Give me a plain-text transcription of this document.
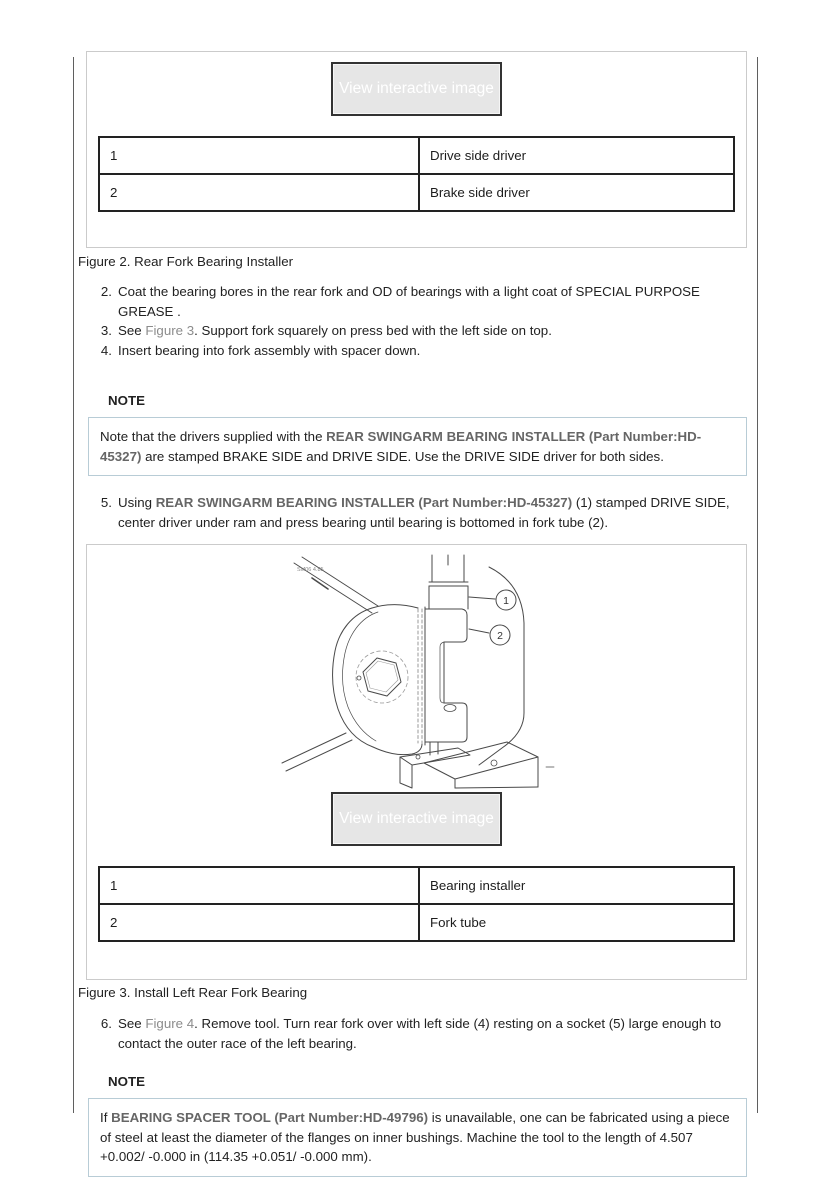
View interactive image
1	Drive side driver
2	Brake side driver
Figure 2. Rear Fork Bearing Installer
2. Coat the bearing bores in the rear fork and OD of bearings with a light coat of SPECIAL PURPOSE GREASE .
3. See Figure 3. Support fork squarely on press bed with the left side on top.
4. Insert bearing into fork assembly with spacer down.
NOTE
Note that the drivers supplied with the REAR SWINGARM BEARING INSTALLER (Part Number:HD-45327) are stamped BRAKE SIDE and DRIVE SIDE. Use the DRIVE SIDE driver for both sides.
5. Using REAR SWINGARM BEARING INSTALLER (Part Number:HD-45327) (1) stamped DRIVE SIDE, center driver under ram and press bearing until bearing is bottomed in fork tube (2).
SM06 4.85
1
2
View interactive image
1	Bearing installer
2	Fork tube
Figure 3. Install Left Rear Fork Bearing
6. See Figure 4. Remove tool. Turn rear fork over with left side (4) resting on a socket (5) large enough to contact the outer race of the left bearing.
NOTE
If BEARING SPACER TOOL (Part Number:HD-49796) is unavailable, one can be fabricated using a piece of steel at least the diameter of the flanges on inner bushings. Machine the tool to the length of 4.507 +0.002/ -0.000 in (114.35 +0.051/ -0.000 mm).
